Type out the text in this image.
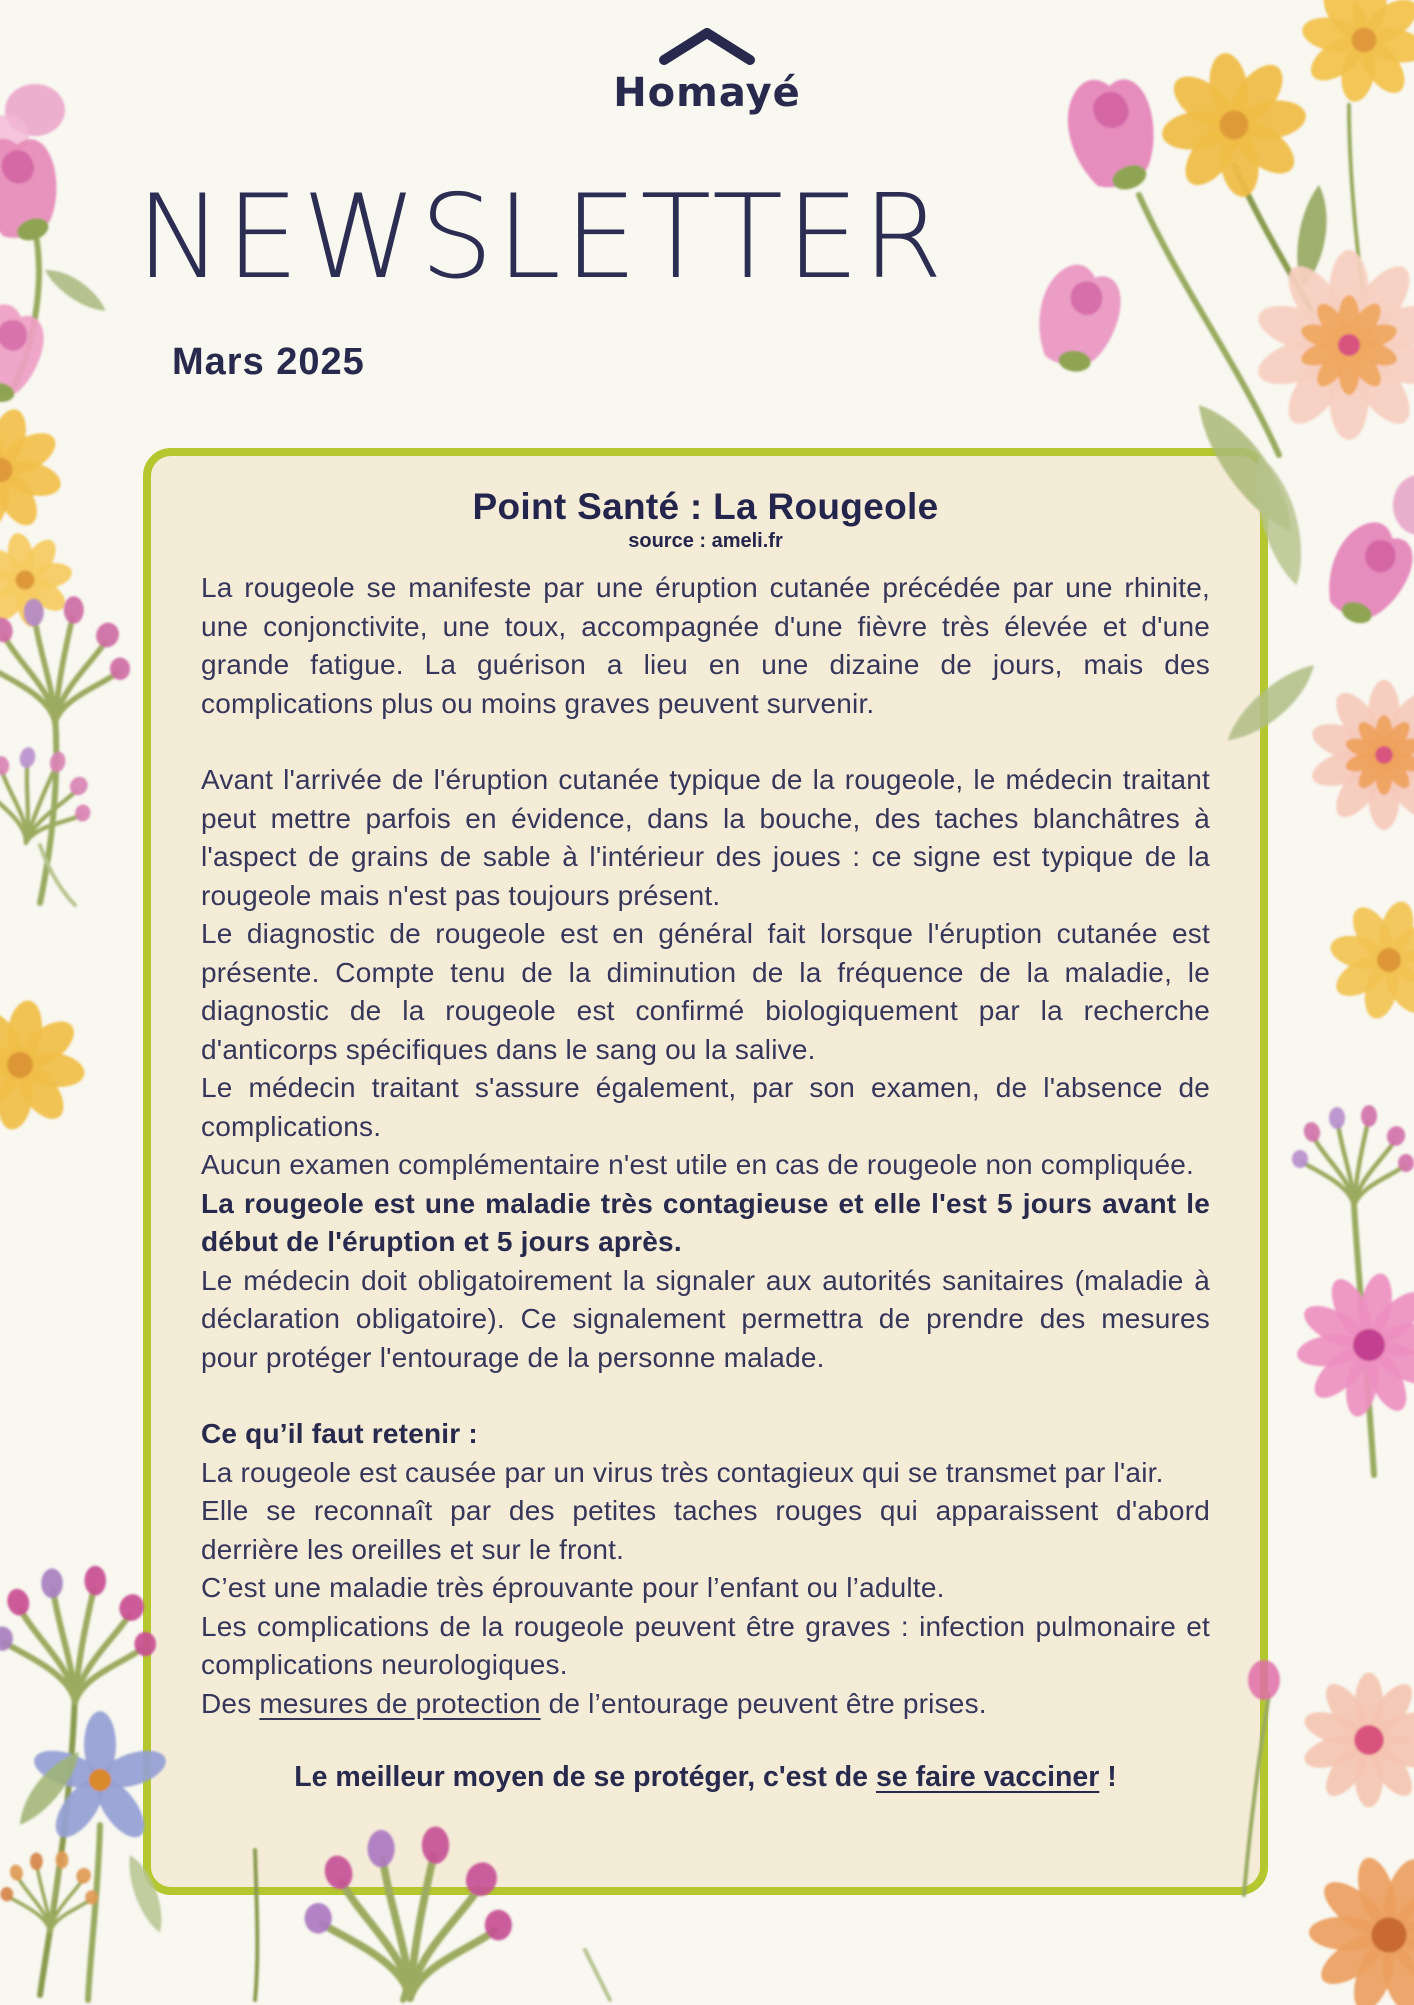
Homayé
NEWSLETTER
Mars 2025
Point Santé : La Rougeole
source : ameli.fr

La rougeole se manifeste par une éruption cutanée précédée par une rhinite, une conjonctivite, une toux, accompagnée d'une fièvre très élevée et d'une grande fatigue. La guérison a lieu en une dizaine de jours, mais des complications plus ou moins graves peuvent survenir.

Avant l'arrivée de l'éruption cutanée typique de la rougeole, le médecin traitant peut mettre parfois en évidence, dans la bouche, des taches blanchâtres à l'aspect de grains de sable à l'intérieur des joues : ce signe est typique de la rougeole mais n'est pas toujours présent.

Le diagnostic de rougeole est en général fait lorsque l'éruption cutanée est présente. Compte tenu de la diminution de la fréquence de la maladie, le diagnostic de la rougeole est confirmé biologiquement par la recherche d'anticorps spécifiques dans le sang ou la salive.

Le médecin traitant s'assure également, par son examen, de l'absence de complications.

Aucun examen complémentaire n'est utile en cas de rougeole non compliquée.

La rougeole est une maladie très contagieuse et elle l'est 5 jours avant le début de l'éruption et 5 jours après.

Le médecin doit obligatoirement la signaler aux autorités sanitaires (maladie à déclaration obligatoire). Ce signalement permettra de prendre des mesures pour protéger l'entourage de la personne malade.

Ce qu’il faut retenir :

La rougeole est causée par un virus très contagieux qui se transmet par l'air.

Elle se reconnaît par des petites taches rouges qui apparaissent d'abord derrière les oreilles et sur le front.

C’est une maladie très éprouvante pour l’enfant ou l’adulte.

Les complications de la rougeole peuvent être graves : infection pulmonaire et complications neurologiques.

Des mesures de protection de l’entourage peuvent être prises.

Le meilleur moyen de se protéger, c'est de se faire vacciner !
